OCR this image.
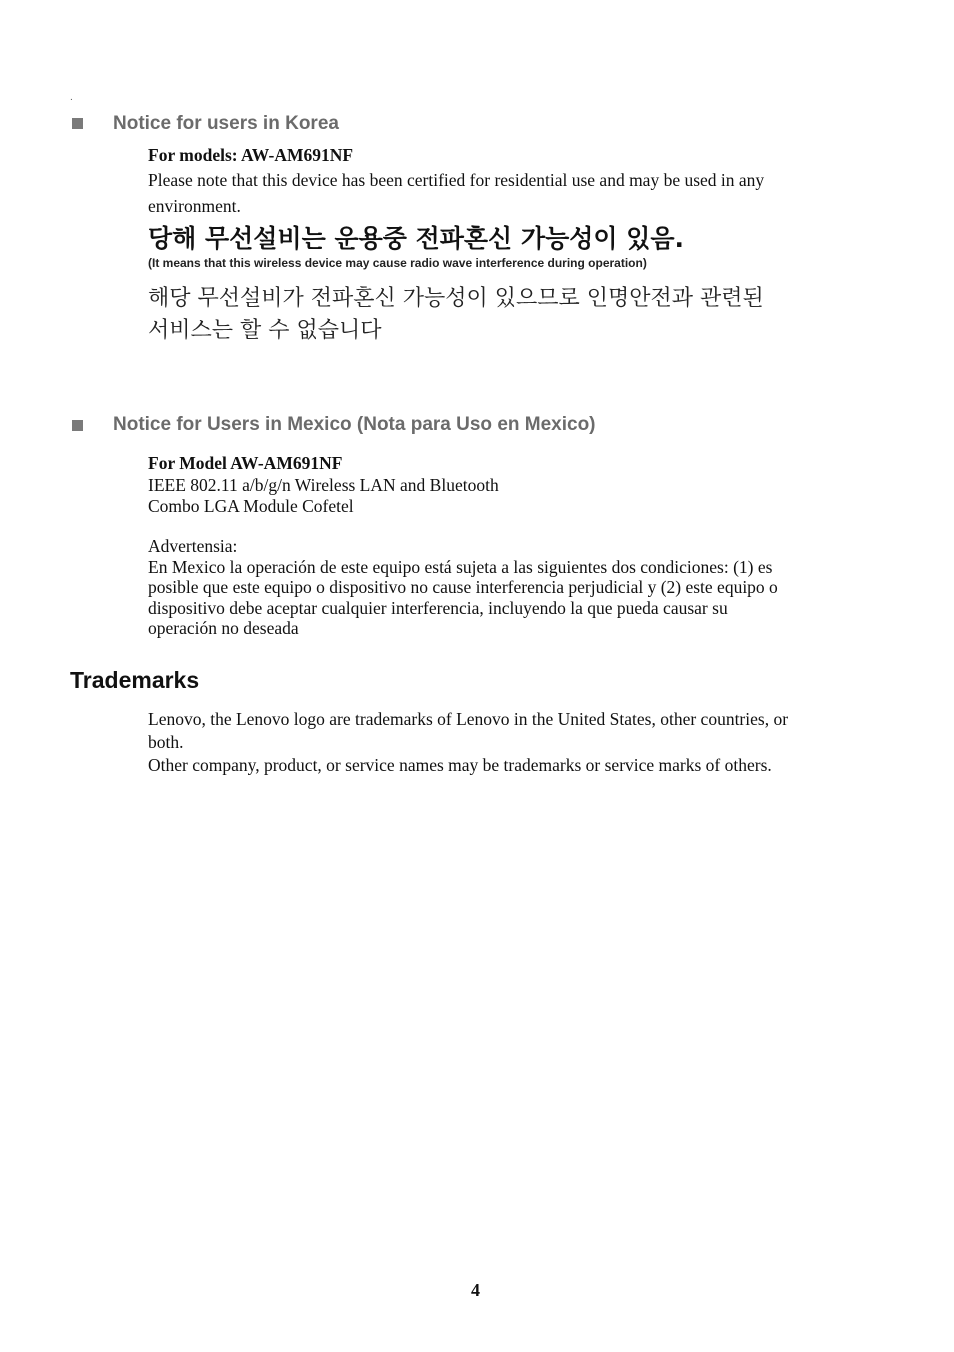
.
Notice for users in Korea
For models: AW-AM691NF
Please note that this device has been certified for residential use and may be used in any
environment.
당해 무선설비는 운용중 전파혼신 가능성이 있음.
(It means that this wireless device may cause radio wave interference during operation)
해당 무선설비가 전파혼신 가능성이 있으므로 인명안전과 관련된
서비스는 할 수 없습니다
Notice for Users in Mexico (Nota para Uso en Mexico)
For Model AW-AM691NF
IEEE 802.11 a/b/g/n Wireless LAN and Bluetooth
Combo LGA Module Cofetel
Advertensia:
En Mexico la operación de este equipo está sujeta a las siguientes dos condiciones: (1) es
posible que este equipo o dispositivo no cause interferencia perjudicial y (2) este equipo o
dispositivo debe aceptar cualquier interferencia, incluyendo la que pueda causar su
operación no deseada
Trademarks
Lenovo, the Lenovo logo are trademarks of Lenovo in the United States, other countries, or
both.
Other company, product, or service names may be trademarks or service marks of others.
4
